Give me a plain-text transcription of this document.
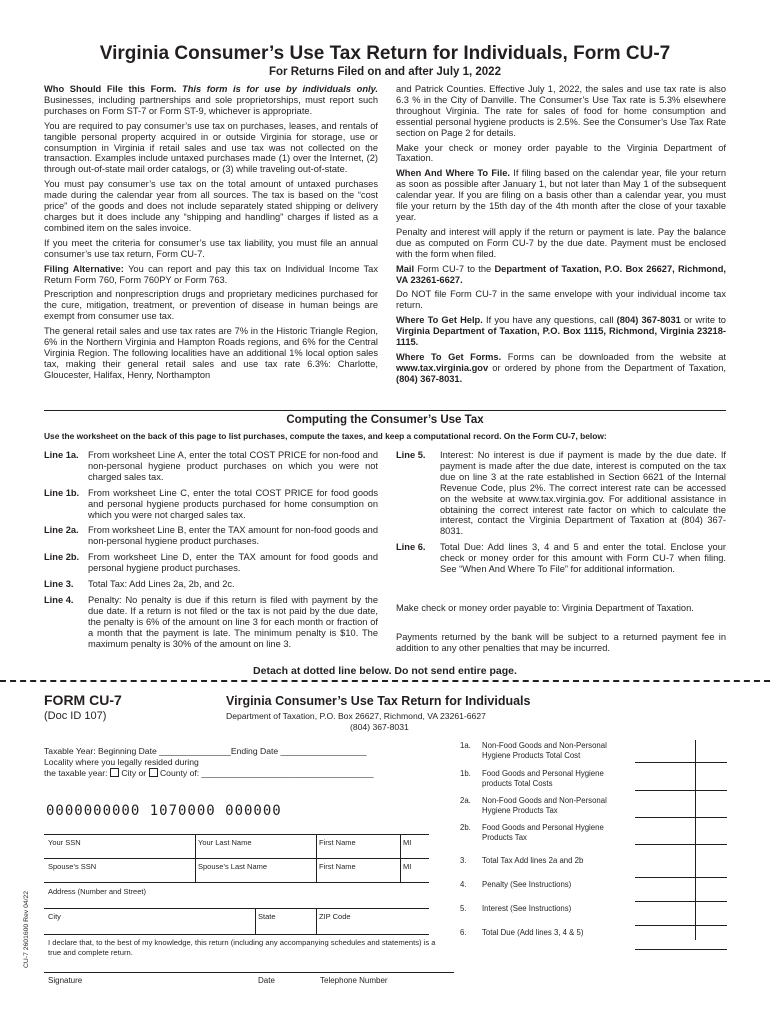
Virginia Consumer’s Use Tax Return for Individuals, Form CU-7
For Returns Filed on and after July 1, 2022

Who Should File this Form. This form is for use by individuals only. Businesses, including partnerships and sole proprietorships, must report such purchases on Form ST-7 or Form ST-9, whichever is appropriate.

You are required to pay consumer’s use tax on purchases, leases, and rentals of tangible personal property acquired in or outside Virginia for storage, use or consumption in Virginia if retail sales and use tax was not collected on the transaction. Examples include untaxed purchases made (1) over the Internet, (2) through out-of-state mail order catalogs, or (3) while traveling out-of-state.

You must pay consumer’s use tax on the total amount of untaxed purchases made during the calendar year from all sources. The tax is based on the “cost price” of the goods and does not include separately stated shipping or delivery charges but it does include any “shipping and handling” charges if listed as a combined item on the sales invoice.

If you meet the criteria for consumer’s use tax liability, you must file an annual consumer’s use tax return, Form CU-7.

Filing Alternative: You can report and pay this tax on Individual Income Tax Return Form 760, Form 760PY or Form 763.

Prescription and nonprescription drugs and proprietary medicines purchased for the cure, mitigation, treatment, or prevention of disease in human beings are exempt from consumer use tax.

The general retail sales and use tax rates are 7% in the Historic Triangle Region, 6% in the Northern Virginia and Hampton Roads regions, and 6% for the Central Virginia Region. The following localities have an additional 1% local option sales tax, making their general retail sales and use tax rate 6.3%: Charlotte, Gloucester, Halifax, Henry, Northampton

and Patrick Counties. Effective July 1, 2022, the sales and use tax rate is also 6.3 % in the City of Danville. The Consumer’s Use Tax rate is 5.3% elsewhere throughout Virginia. The rate for sales of food for home consumption and essential personal hygiene products is 2.5%. See the Consumer’s Use Tax Rate section on Page 2 for details.

Make your check or money order payable to the Virginia Department of Taxation.

When And Where To File. If filing based on the calendar year, file your return as soon as possible after January 1, but not later than May 1 of the subsequent calendar year. If you are filing on a basis other than a calendar year, you must file your return by the 15th day of the 4th month after the close of your taxable year.

Penalty and interest will apply if the return or payment is late. Pay the balance due as computed on Form CU-7 by the due date. Payment must be enclosed with the form when filed.

Mail Form CU-7 to the Department of Taxation, P.O. Box 26627, Richmond, VA 23261-6627.

Do NOT file Form CU-7 in the same envelope with your individual income tax return.

Where To Get Help. If you have any questions, call (804) 367-8031 or write to Virginia Department of Taxation, P.O. Box 1115, Richmond, Virginia 23218-1115.

Where To Get Forms. Forms can be downloaded from the website at www.tax.virginia.gov or ordered by phone from the Department of Taxation, (804) 367-8031.

Computing the Consumer’s Use Tax
Use the worksheet on the back of this page to list purchases, compute the taxes, and keep a computational record. On the Form CU-7, below:
Line 1a.	From worksheet Line A, enter the total COST PRICE for non-food and non-personal hygiene product purchases on which you were not charged sales tax.
Line 1b. From worksheet Line C, enter the total COST PRICE for food goods and personal hygiene products purchased for home consumption on which you were not charged sales tax.
Line 2a.	From worksheet Line B, enter the TAX amount for non-food goods and non-personal hygiene product purchases.
Line 2b. From worksheet Line D, enter the TAX amount for food goods and personal hygiene product purchases.
Line 3.	Total Tax: Add Lines 2a, 2b, and 2c.
Line 4.	Penalty: No penalty is due if this return is filed with payment by the due date. If a return is not filed or the tax is not paid by the due date, the penalty is 6% of the amount on line 3 for each month or fraction of a month that the payment is late. The minimum penalty is $10. The maximum penalty is 30% of the amount on line 3.
Line 5.	Interest: No interest is due if payment is made by the due date. If payment is made after the due date, interest is computed on the tax due on line 3 at the rate established in Section 6621 of the Internal Revenue Code, plus 2%. The correct interest rate can be accessed on the website at www.tax.virginia.gov. For additional assistance in obtaining the correct interest rate factor on which to calculate the interest, contact the Virginia Department of Taxation at (804) 367-8031.
Line 6.	Total Due: Add lines 3, 4 and 5 and enter the total. Enclose your check or money order for this amount with Form CU-7 when filing. See “When And Where To File” for additional information.

Make check or money order payable to: Virginia Department of Taxation.

Payments returned by the bank will be subject to a returned payment fee in addition to any other penalties that may be incurred.

Detach at dotted line below. Do not send entire page.
FORM CU-7
(Doc ID 107)
Virginia Consumer’s Use Tax Return for Individuals
Department of Taxation, P.O. Box 26627, Richmond, VA 23261-6627
(804) 367-8031
Taxable Year: Beginning Date _______________Ending Date __________________
Locality where you legally resided during
the taxable year: City or County of: ____________________________________
0000000000 1070000 000000
CU-7 2601600 Rev 04/22
Your SSN	Your Last Name	First Name	MI
Spouse’s SSN	Spouse’s Last Name	First Name	MI
Address (Number and Street)
City	State	ZIP Code
I declare that, to the best of my knowledge, this return (including any accompanying schedules and statements) is a true and complete return.
Signature	Date	Telephone Number
1a.	Non-Food Goods and Non-Personal Hygiene Products Total Cost
1b.	Food Goods and Personal Hygiene products Total Costs
2a.	Non-Food Goods and Non-Personal Hygiene Products Tax
2b.	Food Goods and Personal Hygiene Products Tax
3.	Total Tax Add lines 2a and 2b
4.	Penalty (See Instructions)
5.	Interest (See Instructions)
6.	Total Due (Add lines 3, 4 & 5)
